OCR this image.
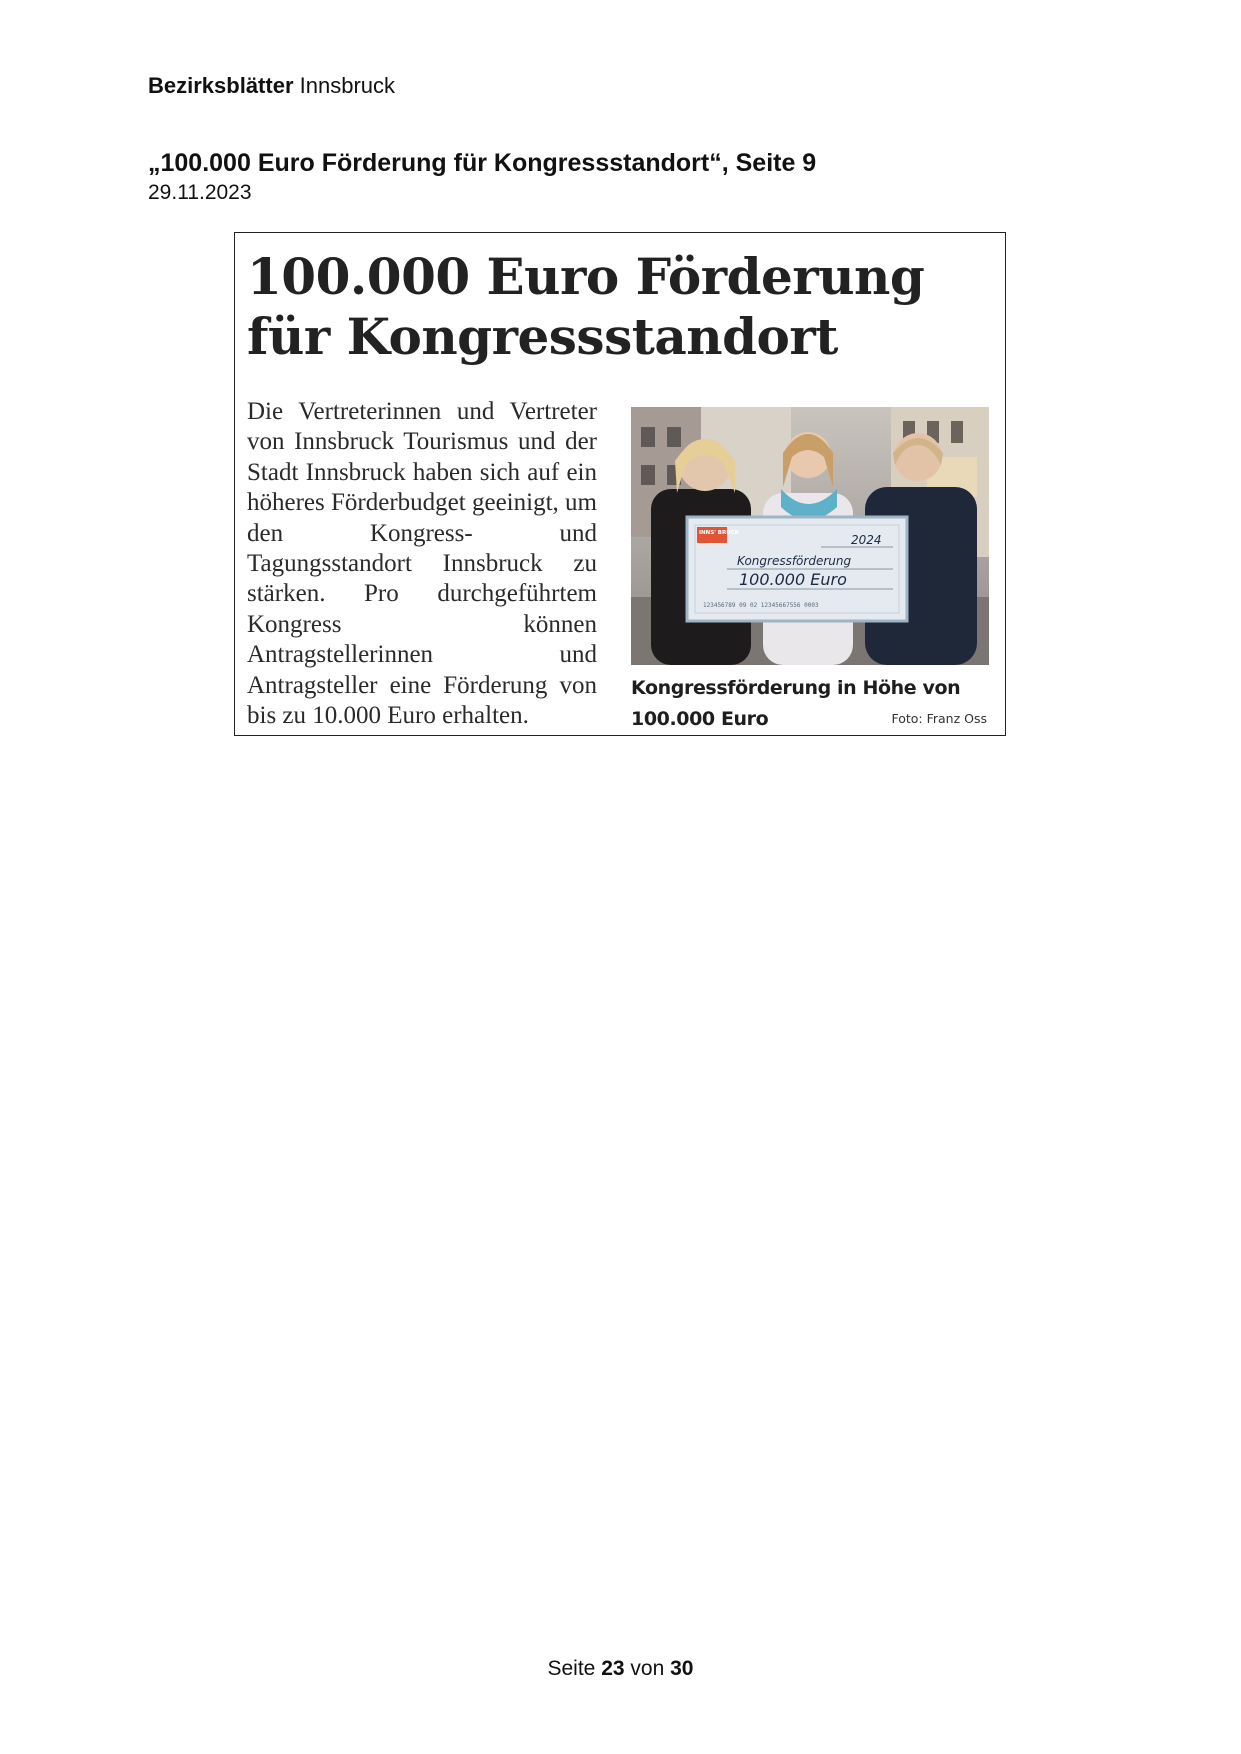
Bezirksblätter Innsbruck
„100.000 Euro Förderung für Kongressstandort“, Seite 9
29.11.2023
100.000 Euro Förderung
für Kongressstandort

Die Vertreterinnen und Vertreter von Innsbruck Tourismus und der Stadt Innsbruck haben sich auf ein höheres Förderbudget geeinigt, um den Kongress- und Tagungsstandort Innsbruck zu stärken. Pro durchgeführtem Kongress können Antragstellerinnen und Antragsteller eine Förderung von bis zu 10.000 Euro erhalten.

INNS' BRUCK	2024
Kongressförderung
100.000 Euro
123456789 09 02 12345667556 0003
Kongressförderung in Höhe von 100.000 Euro	Foto: Franz Oss
Seite 23 von 30
